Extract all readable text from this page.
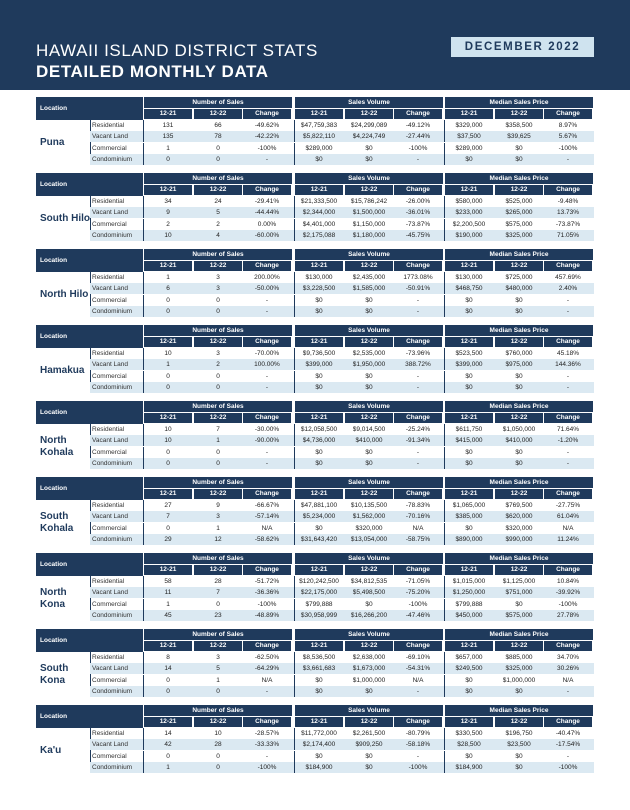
HAWAII ISLAND DISTRICT STATS
DETAILED MONTHLY DATA
DECEMBER 2022
Location
Puna
Number of Sales
12-21	12-22	Change
Sales Volume
12-21	12-22	Change
Median Sales Price
12-21	12-22	Change
Residential	131	66	-49.62%	$47,759,383	$24,299,089	-49.12%	$329,000	$358,500	8.97%
Vacant Land	135	78	-42.22%	$5,822,110	$4,224,749	-27.44%	$37,500	$39,625	5.67%
Commercial	1	0	-100%	$289,000	$0	-100%	$289,000	$0	-100%
Condominium	0	0	-	$0	$0	-	$0	$0	-
Location
South Hilo
Number of Sales
12-21	12-22	Change
Sales Volume
12-21	12-22	Change
Median Sales Price
12-21	12-22	Change
Residential	34	24	-29.41%	$21,333,500	$15,786,242	-26.00%	$580,000	$525,000	-9.48%
Vacant Land	9	5	-44.44%	$2,344,000	$1,500,000	-36.01%	$233,000	$265,000	13.73%
Commercial	2	2	0.00%	$4,401,000	$1,150,000	-73.87%	$2,200,500	$575,000	-73.87%
Condominium	10	4	-60.00%	$2,175,088	$1,180,000	-45.75%	$190,000	$325,000	71.05%
Location
North Hilo
Number of Sales
12-21	12-22	Change
Sales Volume
12-21	12-22	Change
Median Sales Price
12-21	12-22	Change
Residential	1	3	200.00%	$130,000	$2,435,000	1773.08%	$130,000	$725,000	457.69%
Vacant Land	6	3	-50.00%	$3,228,500	$1,585,000	-50.91%	$468,750	$480,000	2.40%
Commercial	0	0	-	$0	$0	-	$0	$0	-
Condominium	0	0	-	$0	$0	-	$0	$0	-
Location
Hamakua
Number of Sales
12-21	12-22	Change
Sales Volume
12-21	12-22	Change
Median Sales Price
12-21	12-22	Change
Residential	10	3	-70.00%	$9,736,500	$2,535,000	-73.96%	$523,500	$760,000	45.18%
Vacant Land	1	2	100.00%	$399,000	$1,950,000	388.72%	$399,000	$975,000	144.36%
Commercial	0	0	-	$0	$0	-	$0	$0	-
Condominium	0	0	-	$0	$0	-	$0	$0	-
Location
North Kohala
Number of Sales
12-21	12-22	Change
Sales Volume
12-21	12-22	Change
Median Sales Price
12-21	12-22	Change
Residential	10	7	-30.00%	$12,058,500	$9,014,500	-25.24%	$611,750	$1,050,000	71.64%
Vacant Land	10	1	-90.00%	$4,736,000	$410,000	-91.34%	$415,000	$410,000	-1.20%
Commercial	0	0	-	$0	$0	-	$0	$0	-
Condominium	0	0	-	$0	$0	-	$0	$0	-
Location
South Kohala
Number of Sales
12-21	12-22	Change
Sales Volume
12-21	12-22	Change
Median Sales Price
12-21	12-22	Change
Residential	27	9	-66.67%	$47,881,100	$10,135,500	-78.83%	$1,065,000	$769,500	-27.75%
Vacant Land	7	3	-57.14%	$5,234,000	$1,562,000	-70.16%	$385,000	$620,000	61.04%
Commercial	0	1	N/A	$0	$320,000	N/A	$0	$320,000	N/A
Condominium	29	12	-58.62%	$31,643,420	$13,054,000	-58.75%	$890,000	$990,000	11.24%
Location
North Kona
Number of Sales
12-21	12-22	Change
Sales Volume
12-21	12-22	Change
Median Sales Price
12-21	12-22	Change
Residential	58	28	-51.72%	$120,242,500	$34,812,535	-71.05%	$1,015,000	$1,125,000	10.84%
Vacant Land	11	7	-36.36%	$22,175,000	$5,498,500	-75.20%	$1,250,000	$751,000	-39.92%
Commercial	1	0	-100%	$799,888	$0	-100%	$799,888	$0	-100%
Condominium	45	23	-48.89%	$30,958,999	$16,266,200	-47.46%	$450,000	$575,000	27.78%
Location
South Kona
Number of Sales
12-21	12-22	Change
Sales Volume
12-21	12-22	Change
Median Sales Price
12-21	12-22	Change
Residential	8	3	-62.50%	$8,536,500	$2,638,000	-69.10%	$657,000	$885,000	34.70%
Vacant Land	14	5	-64.29%	$3,661,683	$1,673,000	-54.31%	$249,500	$325,000	30.26%
Commercial	0	1	N/A	$0	$1,000,000	N/A	$0	$1,000,000	N/A
Condominium	0	0	-	$0	$0	-	$0	$0	-
Location
Ka'u
Number of Sales
12-21	12-22	Change
Sales Volume
12-21	12-22	Change
Median Sales Price
12-21	12-22	Change
Residential	14	10	-28.57%	$11,772,000	$2,261,500	-80.79%	$330,500	$196,750	-40.47%
Vacant Land	42	28	-33.33%	$2,174,400	$909,250	-58.18%	$28,500	$23,500	-17.54%
Commercial	0	0	-	$0	$0	-	$0	$0	-
Condominium	1	0	-100%	$184,900	$0	-100%	$184,900	$0	-100%
